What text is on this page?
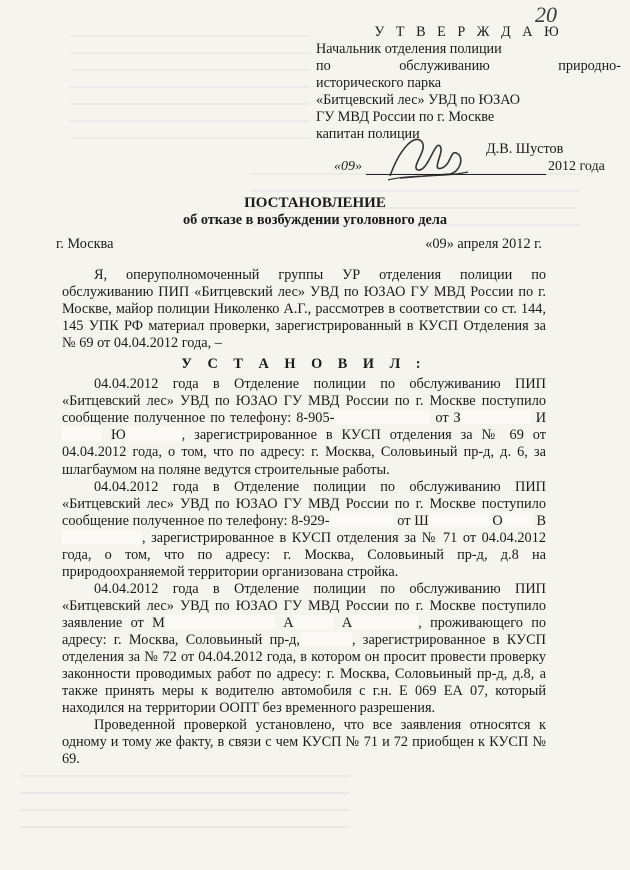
20
У Т В Е Р Ж Д А Ю
Начальник отделения полиции
по обслуживанию природно-
исторического парка
«Битцевский лес» УВД по ЮЗАО
ГУ МВД России по г. Москве
капитан полиции
Д.В. Шустов
«09»	2012 года
ПОСТАНОВЛЕНИЕ
об отказе в возбуждении уголовного дела
г. Москва	«09» апреля 2012 г.

Я, оперуполномоченный группы УР отделения полиции по обслуживанию ПИП «Битцевский лес» УВД по ЮЗАО ГУ МВД России по г. Москве, майор полиции Николенко А.Г., рассмотрев в соответствии со ст. 144, 145 УПК РФ материал проверки, зарегистрированный в КУСП Отделения за № 69 от 04.04.2012 года, –

У С Т А Н О В И Л :

04.04.2012 года в Отделение полиции по обслуживанию ПИП «Битцевский лес» УВД по ЮЗАО ГУ МВД России по г. Москве поступило сообщение полученное по телефону: 8-905-	от З	И Ю	, зарегистрированное в КУСП отделения за № 69 от 04.04.2012 года, о том, что по адресу: г. Москва, Соловьиный пр-д, д. 6, за шлагбаумом на поляне ведутся строительные работы.

04.04.2012 года в Отделение полиции по обслуживанию ПИП «Битцевский лес» УВД по ЮЗАО ГУ МВД России по г. Москве поступило сообщение полученное по телефону: 8-929-	от Ш	О В, зарегистрированное в КУСП отделения за № 71 от 04.04.2012 года, о том, что по адресу: г. Москва, Соловьиный пр-д, д.8 на природоохраняемой территории организована стройка.

04.04.2012 года в Отделение полиции по обслуживанию ПИП «Битцевский лес» УВД по ЮЗАО ГУ МВД России по г. Москве поступило заявление от М	А	А	, проживающего по адресу: г. Москва, Соловьиный пр-д,	, зарегистрированное в КУСП отделения за № 72 от 04.04.2012 года, в котором он просит провести проверку законности проводимых работ по адресу: г. Москва, Соловьиный пр-д, д.8, а также принять меры к водителю автомобиля с г.н. Е 069 ЕА 07, который находился на территории ООПТ без временного разрешения.

Проведенной проверкой установлено, что все заявления относятся к одному и тому же факту, в связи с чем КУСП № 71 и 72 приобщен к КУСП № 69.
